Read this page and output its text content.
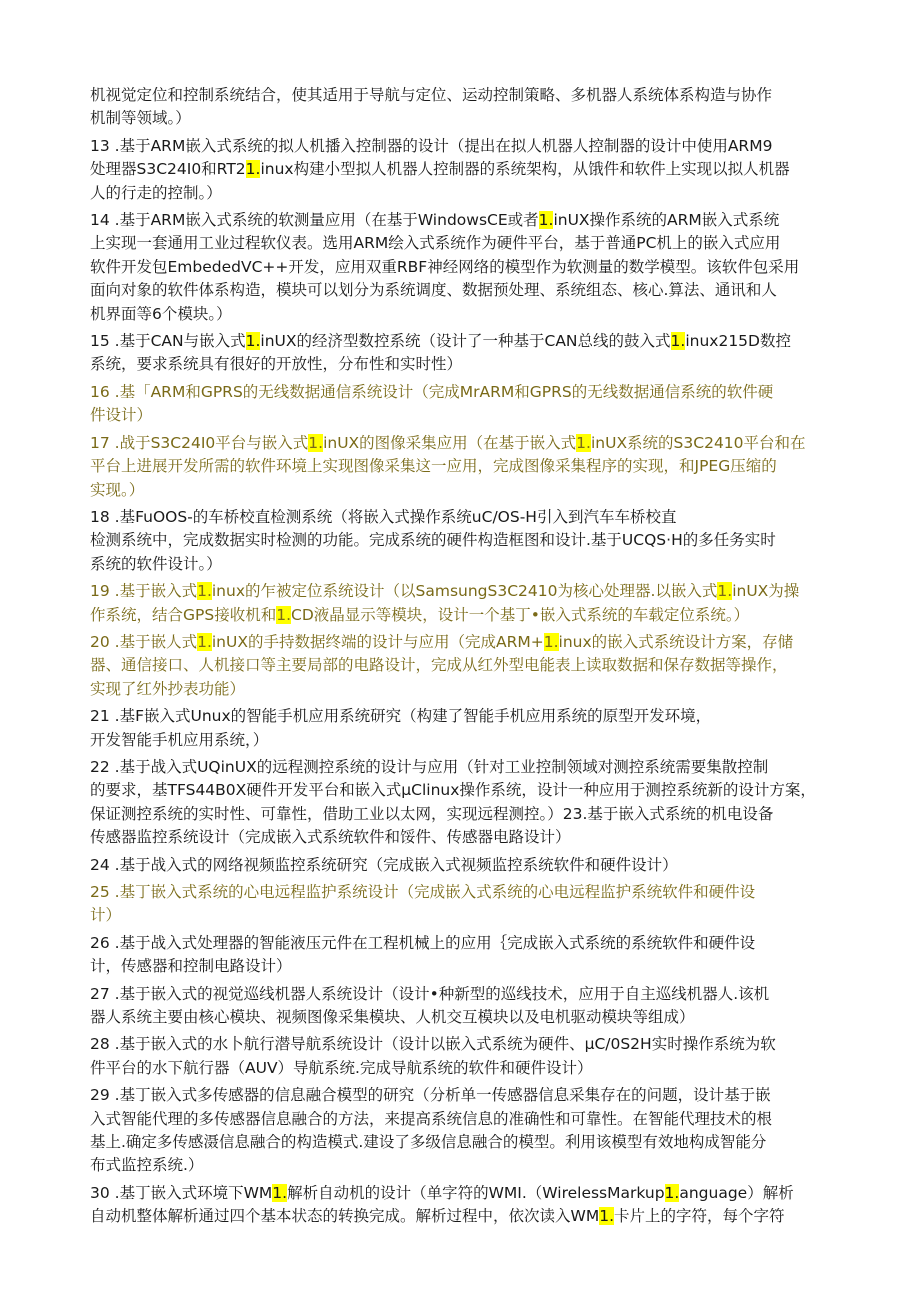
机视觉定位和控制系统结合，使其适用于导航与定位、运动控制策略、多机器人系统体系构造与协作
机制等领域。）

13 .基于ARM嵌入式系统的拟人机播入控制器的设计（提出在拟人机器人控制器的设计中使用ARM9
处理器S3C24I0和RT21.inux构建小型拟人机器人控制器的系统架构，从饿件和软件上实现以拟人机器
人的行走的控制。）

14 .基于ARM嵌入式系统的软测量应用（在基于WindowsCE或者1.inUX操作系统的ARM嵌入式系统
上实现一套通用工业过程软仪表。选用ARM绘入式系统作为硬件平台，基于普通PC机上的嵌入式应用
软件开发包EmbededVC++开发，应用双重RBF神经网络的模型作为软测量的数学模型。该软件包采用
面向对象的软件体系构造，模块可以划分为系统调度、数据预处理、系统组态、核心.算法、通讯和人
机界面等6个模块。）

15 .基于CAN与嵌入式1.inUX的经济型数控系统（设计了一种基于CAN总线的鼓入式1.inux215D数控
系统，要求系统具有很好的开放性，分布性和实时性）

16 .基「ARM和GPRS的无线数据通信系统设计（完成MrARM和GPRS的无线数据通信系统的软件硬
件设计）

17 .战于S3C24I0平台与嵌入式1.inUX的图像采集应用（在基于嵌入式1.inUX系统的S3C2410平台和在
平台上进展开发所需的软件环境上实现图像采集这一应用，完成图像采集程序的实现，和JPEG压缩的
实现。）

18 .基FuOOS-的车桥校直检测系统（将嵌入式操作系统uC/OS-H引入到汽车车桥校直
检测系统中，完成数据实时检测的功能。完成系统的硬件构造框图和设计.基于UCQS·H的多任务实时
系统的软件设计。）

19 .基于嵌入式1.inux的乍被定位系统设计（以SamsungS3C2410为核心处理器.以嵌入式1.inUX为操
作系统，结合GPS接收机和1.CD液晶显示等模块，设计一个基丁•嵌入式系统的车载定位系统。）

20 .基于嵌人式1.inUX的手持数据终端的设计与应用（完成ARM+1.inux的嵌入式系统设计方案，存储
器、通信接口、人机接口等主要局部的电路设计，完成从红外型电能表上读取数据和保存数据等操作，
实现了红外抄表功能）

21 .基F嵌入式Unux的智能手机应用系统研究（构建了智能手机应用系统的原型开发环境，
开发智能手机应用系统，）

22 .基于战入式UQinUX的远程测控系统的设计与应用（针对工业控制领域对测控系统需要集散控制
的要求，基TFS44B0X硬件开发平台和嵌入式μClinux操作系统，设计一种应用于测控系统新的设计方案，
保证测控系统的实时性、可靠性，借助工业以太网，实现远程测控。）23.基于嵌入式系统的机电设备
传感器监控系统设计（完成嵌入式系统软件和馁件、传感器电路设计）

24 .基于战入式的网络视频监控系统研究（完成嵌入式视频监控系统软件和硬件设计）

25 .基丁嵌入式系统的心电远程监护系统设计（完成嵌入式系统的心电远程监护系统软件和硬件设
计）

26 .基于战入式处理器的智能液压元件在工程机械上的应用｛完成嵌入式系统的系统软件和硬件设
计，传感器和控制电路设计）

27 .基于嵌入式的视觉巡线机器人系统设计（设计•种新型的巡线技术，应用于自主巡线机器人.该机
器人系统主要由核心模块、视频图像采集模块、人机交互模块以及电机驱动模块等组成）

28 .基于嵌入式的水卜航行潜导航系统设计（设计以嵌入式系统为硬件、μC/0S2H实时操作系统为软
件平台的水下航行器（AUV）导航系统.完成导航系统的软件和硬件设计）

29 .基丁嵌入式多传感器的信息融合模型的研究（分析单一传感器信息采集存在的问题，设计基于嵌
入式智能代理的多传感器信息融合的方法，来提高系统信息的准确性和可靠性。在智能代理技术的根
基上.确定多传感滠信息融合的构造模式.建设了多级信息融合的模型。利用该模型有效地构成智能分
布式监控系统.）

30 .基丁嵌入式环境下WM1.解析自动机的设计（单字符的WMI.（WirelessMarkup1.anguage）解析
自动机整体解析通过四个基本状态的转换完成。解析过程中，依次读入WM1.卡片上的字符，每个字符
